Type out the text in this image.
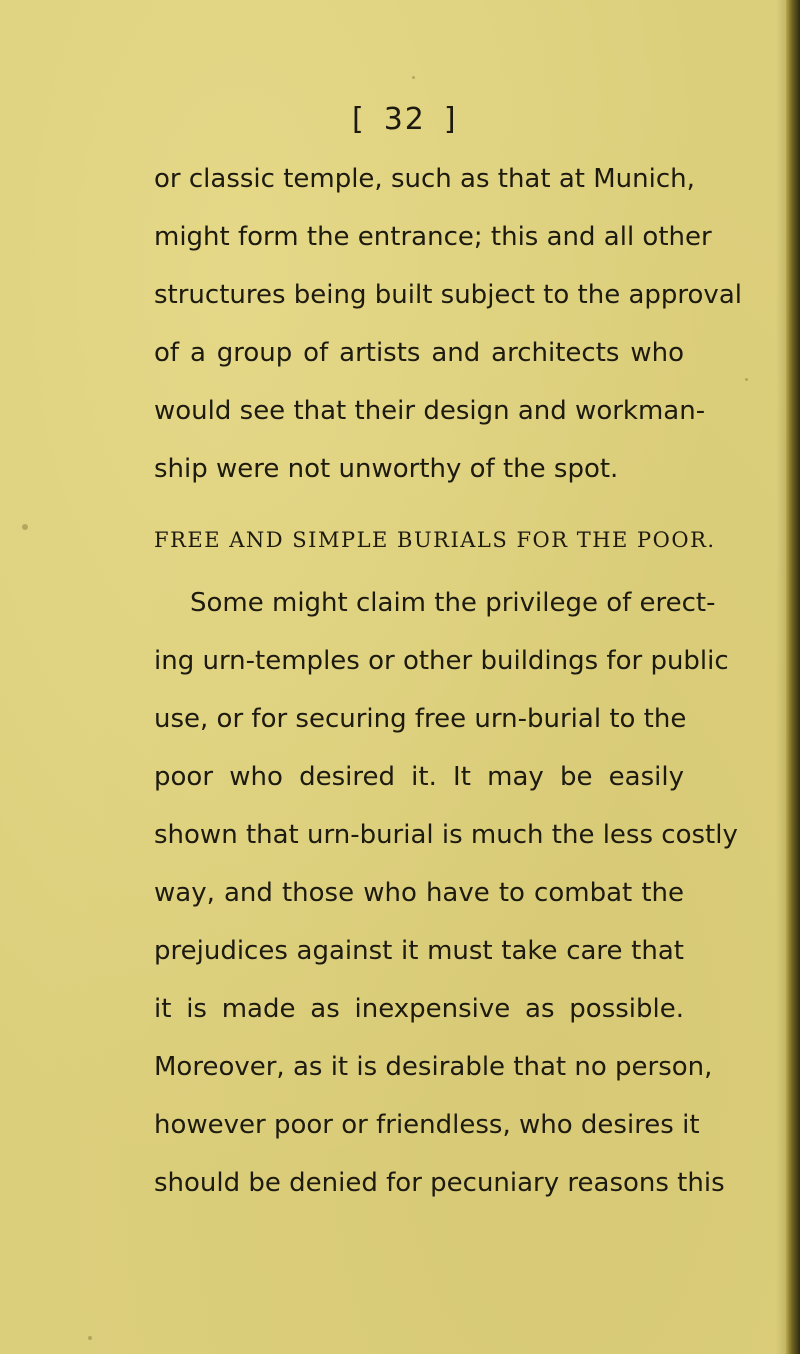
[ 32 ]
or classic temple, such as that at Munich,
might form the entrance; this and all other
structures being built subject to the approval
of a group of artists and architects who
would see that their design and workman-
ship were not unworthy of the spot.
FREE AND SIMPLE BURIALS FOR THE POOR.
Some might claim the privilege of erect-
ing urn-temples or other buildings for public
use, or for securing free urn-burial to the
poor who desired it. It may be easily
shown that urn-burial is much the less costly
way, and those who have to combat the
prejudices against it must take care that
it is made as inexpensive as possible.
Moreover, as it is desirable that no person,
however poor or friendless, who desires it
should be denied for pecuniary reasons this
